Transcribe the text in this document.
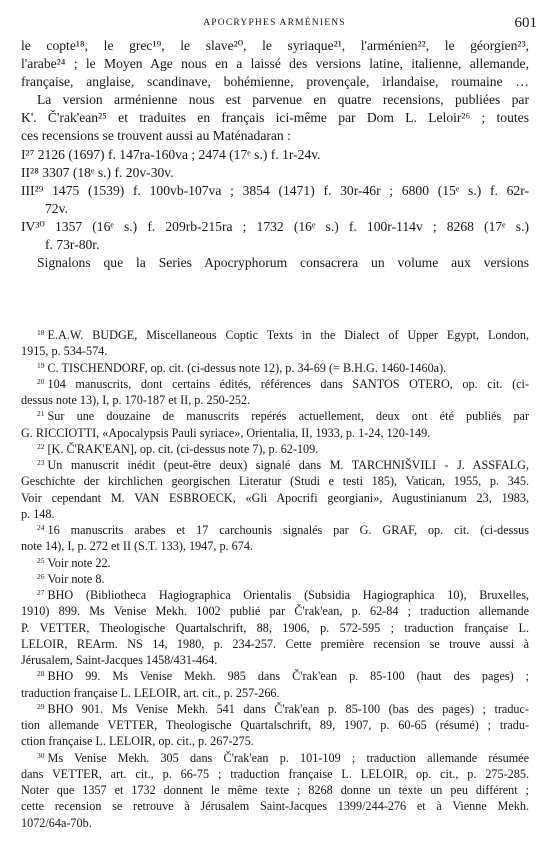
APOCRYPHES ARMÉNIENS	601
le copte¹⁸, le grec¹⁹, le slave²⁰, le syriaque²¹, l'arménien²², le géorgien²³,
l'arabe²⁴ ; le Moyen Age nous en a laissé des versions latine, italienne, allemande,
française, anglaise, scandinave, bohémienne, provençale, irlandaise, roumaine …
La version arménienne nous est parvenue en quatre recensions, publiées par
K'. Č'rak'ean²⁵ et traduites en français ici-même par Dom L. Leloir²⁶ ; toutes
ces recensions se trouvent aussi au Maténadaran :
I²⁷ 2126 (1697) f. 147ra-160va ; 2474 (17ᵉ s.) f. 1r-24v.
II²⁸ 3307 (18ᵉ s.) f. 20v-30v.
III²⁹ 1475 (1539) f. 100vb-107va ; 3854 (1471) f. 30r-46r ; 6800 (15ᵉ s.) f. 62r-
72v.
IV³⁰ 1357 (16ᵉ s.) f. 209rb-215ra ; 1732 (16ᵉ s.) f. 100r-114v ; 8268 (17ᵉ s.)
f. 73r-80r.
Signalons que la Series Apocryphorum consacrera un volume aux versions
$^{18}$ E.A.W. BUDGE, Miscellaneous Coptic Texts in the Dialect of Upper Egypt, London,
1915, p. 534-574.
$^{19}$ C. TISCHENDORF, op. cit. (ci-dessus note 12), p. 34-69 (= B.H.G. 1460-1460a).
$^{20}$ 104 manuscrits, dont certains édités, références dans SANTOS OTERO, op. cit. (ci-
dessus note 13), I, p. 170-187 et II, p. 250-252.
$^{21}$ Sur une douzaine de manuscrits repérés actuellement, deux ont été publiés par
G. RICCIOTTI, «Apocalypsis Pauli syriace», Orientalia, II, 1933, p. 1-24, 120-149.
$^{22}$ [K. Č'RAK'EAN], op. cit. (ci-dessus note 7), p. 62-109.
$^{23}$ Un manuscrit inédit (peut-être deux) signalé dans M. TARCHNIŠVILI - J. ASSFALG,
Geschichte der kirchlichen georgischen Literatur (Studi e testi 185), Vatican, 1955, p. 345.
Voir cependant M. VAN ESBROECK, «Gli Apocrifi georgiani», Augustinianum 23, 1983,
p. 148.
$^{24}$ 16 manuscrits arabes et 17 carchounis signalés par G. GRAF, op. cit. (ci-dessus
note 14), I, p. 272 et II (S.T. 133), 1947, p. 674.
$^{25}$ Voir note 22.
$^{26}$ Voir note 8.
$^{27}$ BHO (Bibliotheca Hagiographica Orientalis (Subsidia Hagiographica 10), Bruxelles,
1910) 899. Ms Venise Mekh. 1002 publié par Č'rak'ean, p. 62-84 ; traduction allemande
P. VETTER, Theologische Quartalschrift, 88, 1906, p. 572-595 ; traduction française L.
LELOIR, REArm. NS 14, 1980, p. 234-257. Cette première recension se trouve aussi à
Jérusalem, Saint-Jacques 1458/431-464.
$^{28}$ BHO 99. Ms Venise Mekh. 985 dans Č'rak'ean p. 85-100 (haut des pages) ;
traduction française L. LELOIR, art. cit., p. 257-266.
$^{29}$ BHO 901. Ms Venise Mekh. 541 dans Č'rak'ean p. 85-100 (bas des pages) ; traduc-
tion allemande VETTER, Theologische Quartalschrift, 89, 1907, p. 60-65 (résumé) ; tradu-
ction française L. LELOIR, op. cit., p. 267-275.
$^{30}$ Ms Venise Mekh. 305 dans Č'rak'ean p. 101-109 ; traduction allemande résumée
dans VETTER, art. cit., p. 66-75 ; traduction française L. LELOIR, op. cit., p. 275-285.
Noter que 1357 et 1732 donnent le même texte ; 8268 donne un texte un peu différent ;
cette recension se retrouve à Jérusalem Saint-Jacques 1399/244-276 et à Vienne Mekh.
1072/64a-70b.
